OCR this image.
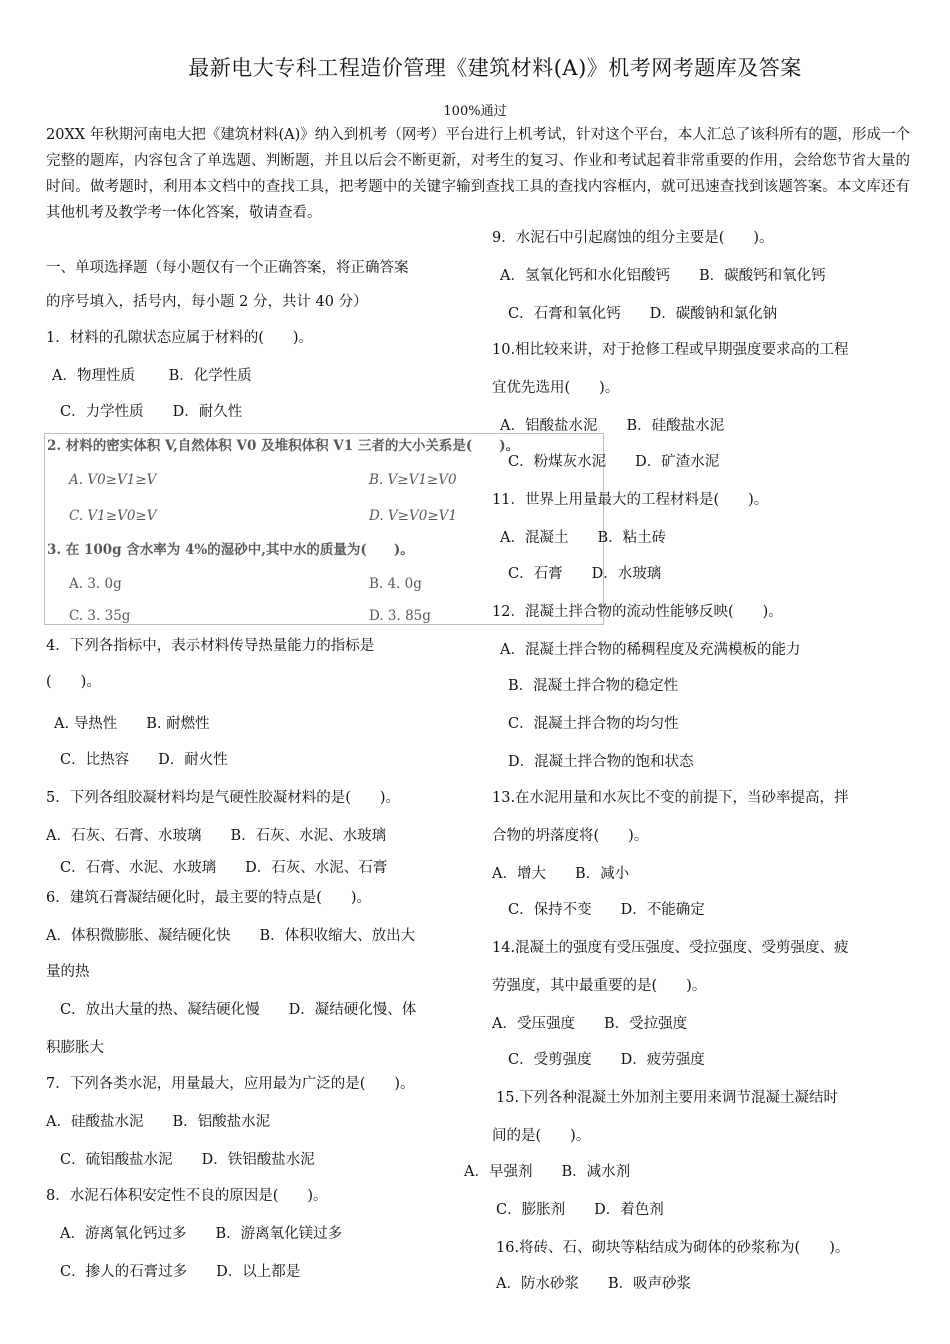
最新电大专科工程造价管理《建筑材料(A)》机考网考题库及答案
100%通过
20XX 年秋期河南电大把《建筑材料(A)》纳入到机考（网考）平台进行上机考试，针对这个平台，本人汇总了该科所有的题，形成一个完整的题库，内容包含了单选题、判断题，并且以后会不断更新，对考生的复习、作业和考试起着非常重要的作用，会给您节省大量的时间。做考题时，利用本文档中的查找工具，把考题中的关键字输到查找工具的查找内容框内，就可迅速查找到该题答案。本文库还有其他机考及教学考一体化答案，敬请查看。
一、单项选择题（每小题仅有一个正确答案，将正确答案
的序号填入，括号内，每小题 2 分，共计 40 分）
1．材料的孔隙状态应属于材料的(　　)。
A．物理性质　　 B．化学性质
C．力学性质　　D．耐久性
4．下列各指标中，表示材料传导热量能力的指标是
(　　)。
A. 导热性　　B. 耐燃性
C．比热容　　D．耐火性
5．下列各组胶凝材料均是气硬性胶凝材料的是(　　)。
A．石灰、石膏、水玻璃　　B．石灰、水泥、水玻璃
C．石膏、水泥、水玻璃　　D．石灰、水泥、石膏
6．建筑石膏凝结硬化时，最主要的特点是(　　)。
A．体积微膨胀、凝结硬化快　　B．体积收缩大、放出大
量的热
C．放出大量的热、凝结硬化慢　　D．凝结硬化慢、体
积膨胀大
7．下列各类水泥，用量最大，应用最为广泛的是(　　)。
A．硅酸盐水泥　　B．铝酸盐水泥
C．硫铝酸盐水泥　　D．铁铝酸盐水泥
8．水泥石体积安定性不良的原因是(　　)。
A．游离氧化钙过多　　B．游离氧化镁过多
C．掺人的石膏过多　　D．以上都是
2. 材料的密实体积 V,自然体积 V0 及堆积体积 V1 三者的大小关系是(　　)。
A. V0≥V1≥V	B. V≥V1≥V0
C. V1≥V0≥V	D. V≥V0≥V1
3. 在 100g 含水率为 4%的湿砂中,其中水的质量为(　　)。
A. 3. 0g	B. 4. 0g
C. 3. 35g	D. 3. 85g
9．水泥石中引起腐蚀的组分主要是(　　)。
A．氢氧化钙和水化铝酸钙　　B．碳酸钙和氧化钙
C．石膏和氧化钙　　D．碳酸钠和氯化钠
10.相比较来讲，对于抢修工程或早期强度要求高的工程
宜优先选用(　　)。
A．铝酸盐水泥　　B．硅酸盐水泥
C．粉煤灰水泥　　D．矿渣水泥
11．世界上用量最大的工程材料是(　　)。
A．混凝土　　B．粘土砖
C．石膏　　D．水玻璃
12．混凝土拌合物的流动性能够反映(　　)。
A．混凝土拌合物的稀稠程度及充满模板的能力
B．混凝土拌合物的稳定性
C．混凝土拌合物的均匀性
D．混凝土拌合物的饱和状态
13.在水泥用量和水灰比不变的前提下，当砂率提高，拌
合物的坍落度将(　　)。
A．增大　　B．减小
C．保持不变　　D．不能确定
14.混凝土的强度有受压强度、受拉强度、受剪强度、疲
劳强度，其中最重要的是(　　)。
A．受压强度　　B．受拉强度
C．受剪强度　　D．疲劳强度
15.下列各种混凝土外加剂主要用来调节混凝土凝结时
间的是(　　)。
A．早强剂　　B．减水剂
C．膨胀剂　　D．着色剂
16.将砖、石、砌块等粘结成为砌体的砂浆称为(　　)。
A．防水砂浆　　B．吸声砂浆
